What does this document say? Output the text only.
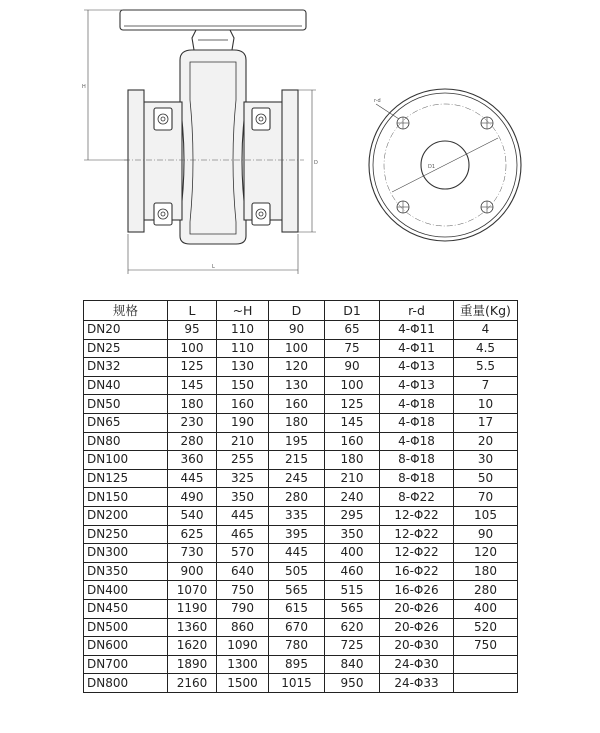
H
D
L
r-d
D1
规格	L	~H	D	D1	r-d	重量(Kg)
DN20	95	110	90	65	4-Φ11	4
DN25	100	110	100	75	4-Φ11	4.5
DN32	125	130	120	90	4-Φ13	5.5
DN40	145	150	130	100	4-Φ13	7
DN50	180	160	160	125	4-Φ18	10
DN65	230	190	180	145	4-Φ18	17
DN80	280	210	195	160	4-Φ18	20
DN100	360	255	215	180	8-Φ18	30
DN125	445	325	245	210	8-Φ18	50
DN150	490	350	280	240	8-Φ22	70
DN200	540	445	335	295	12-Φ22	105
DN250	625	465	395	350	12-Φ22	90
DN300	730	570	445	400	12-Φ22	120
DN350	900	640	505	460	16-Φ22	180
DN400	1070	750	565	515	16-Φ26	280
DN450	1190	790	615	565	20-Φ26	400
DN500	1360	860	670	620	20-Φ26	520
DN600	1620	1090	780	725	20-Φ30	750
DN700	1890	1300	895	840	24-Φ30	
DN800	2160	1500	1015	950	24-Φ33	
